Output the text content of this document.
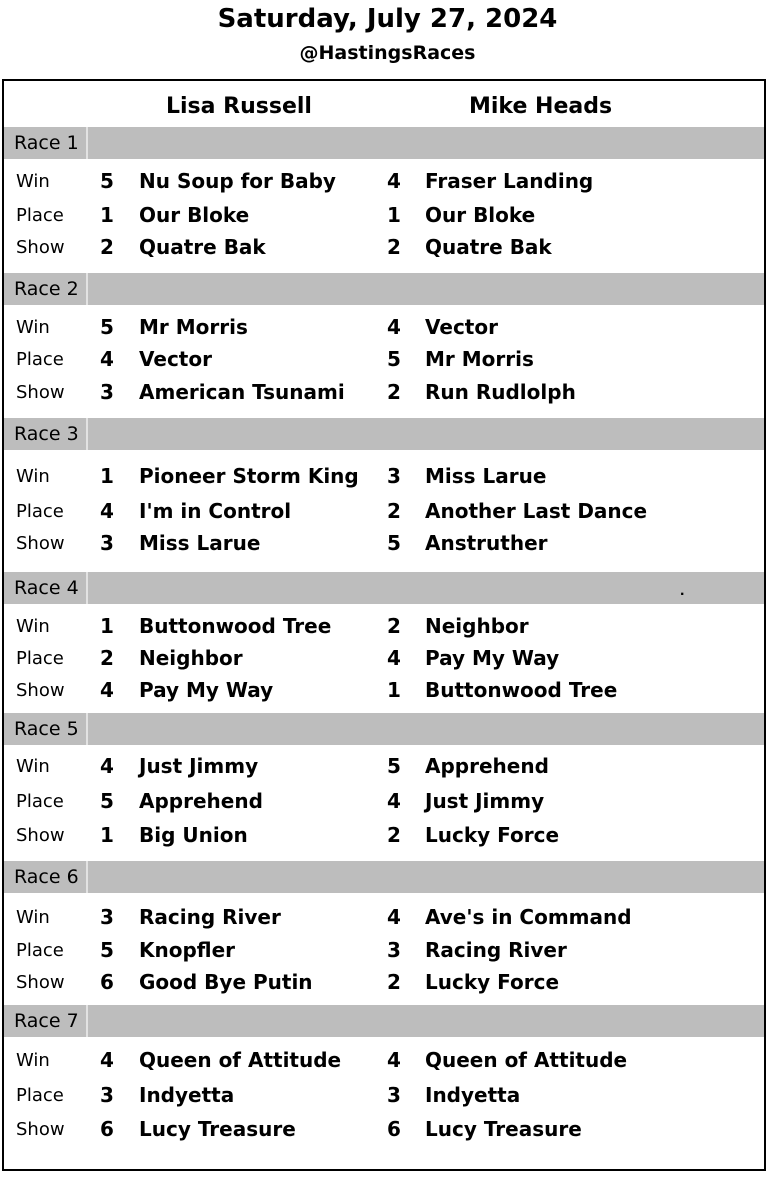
Saturday, July 27, 2024
@HastingsRaces
Lisa Russell	Mike Heads
Race 1
Win	5 Nu Soup for Baby	4 Fraser Landing
Place 1 Our Bloke	1 Our Bloke
Show 2 Quatre Bak	2 Quatre Bak
Race 2
Win	5 Mr Morris	4 Vector
Place 4 Vector	5 Mr Morris
Show 3 American Tsunami 2 Run Rudlolph
Race 3
Win	1 Pioneer Storm King 3 Miss Larue
Place 4 I'm in Control	2 Another Last Dance
Show 3 Miss Larue	5 Anstruther
Race 4	.
Win	1 Buttonwood Tree	2 Neighbor
Place 2 Neighbor	4 Pay My Way
Show 4 Pay My Way	1 Buttonwood Tree
Race 5
Win	4 Just Jimmy	5 Apprehend
Place 5 Apprehend	4 Just Jimmy
Show 1 Big Union	2 Lucky Force
Race 6
Win	3 Racing River	4 Ave's in Command
Place 5 Knopfler	3 Racing River
Show 6 Good Bye Putin	2 Lucky Force
Race 7
Win	4 Queen of Attitude 4 Queen of Attitude
Place 3 Indyetta	3 Indyetta
Show 6 Lucy Treasure	6 Lucy Treasure
